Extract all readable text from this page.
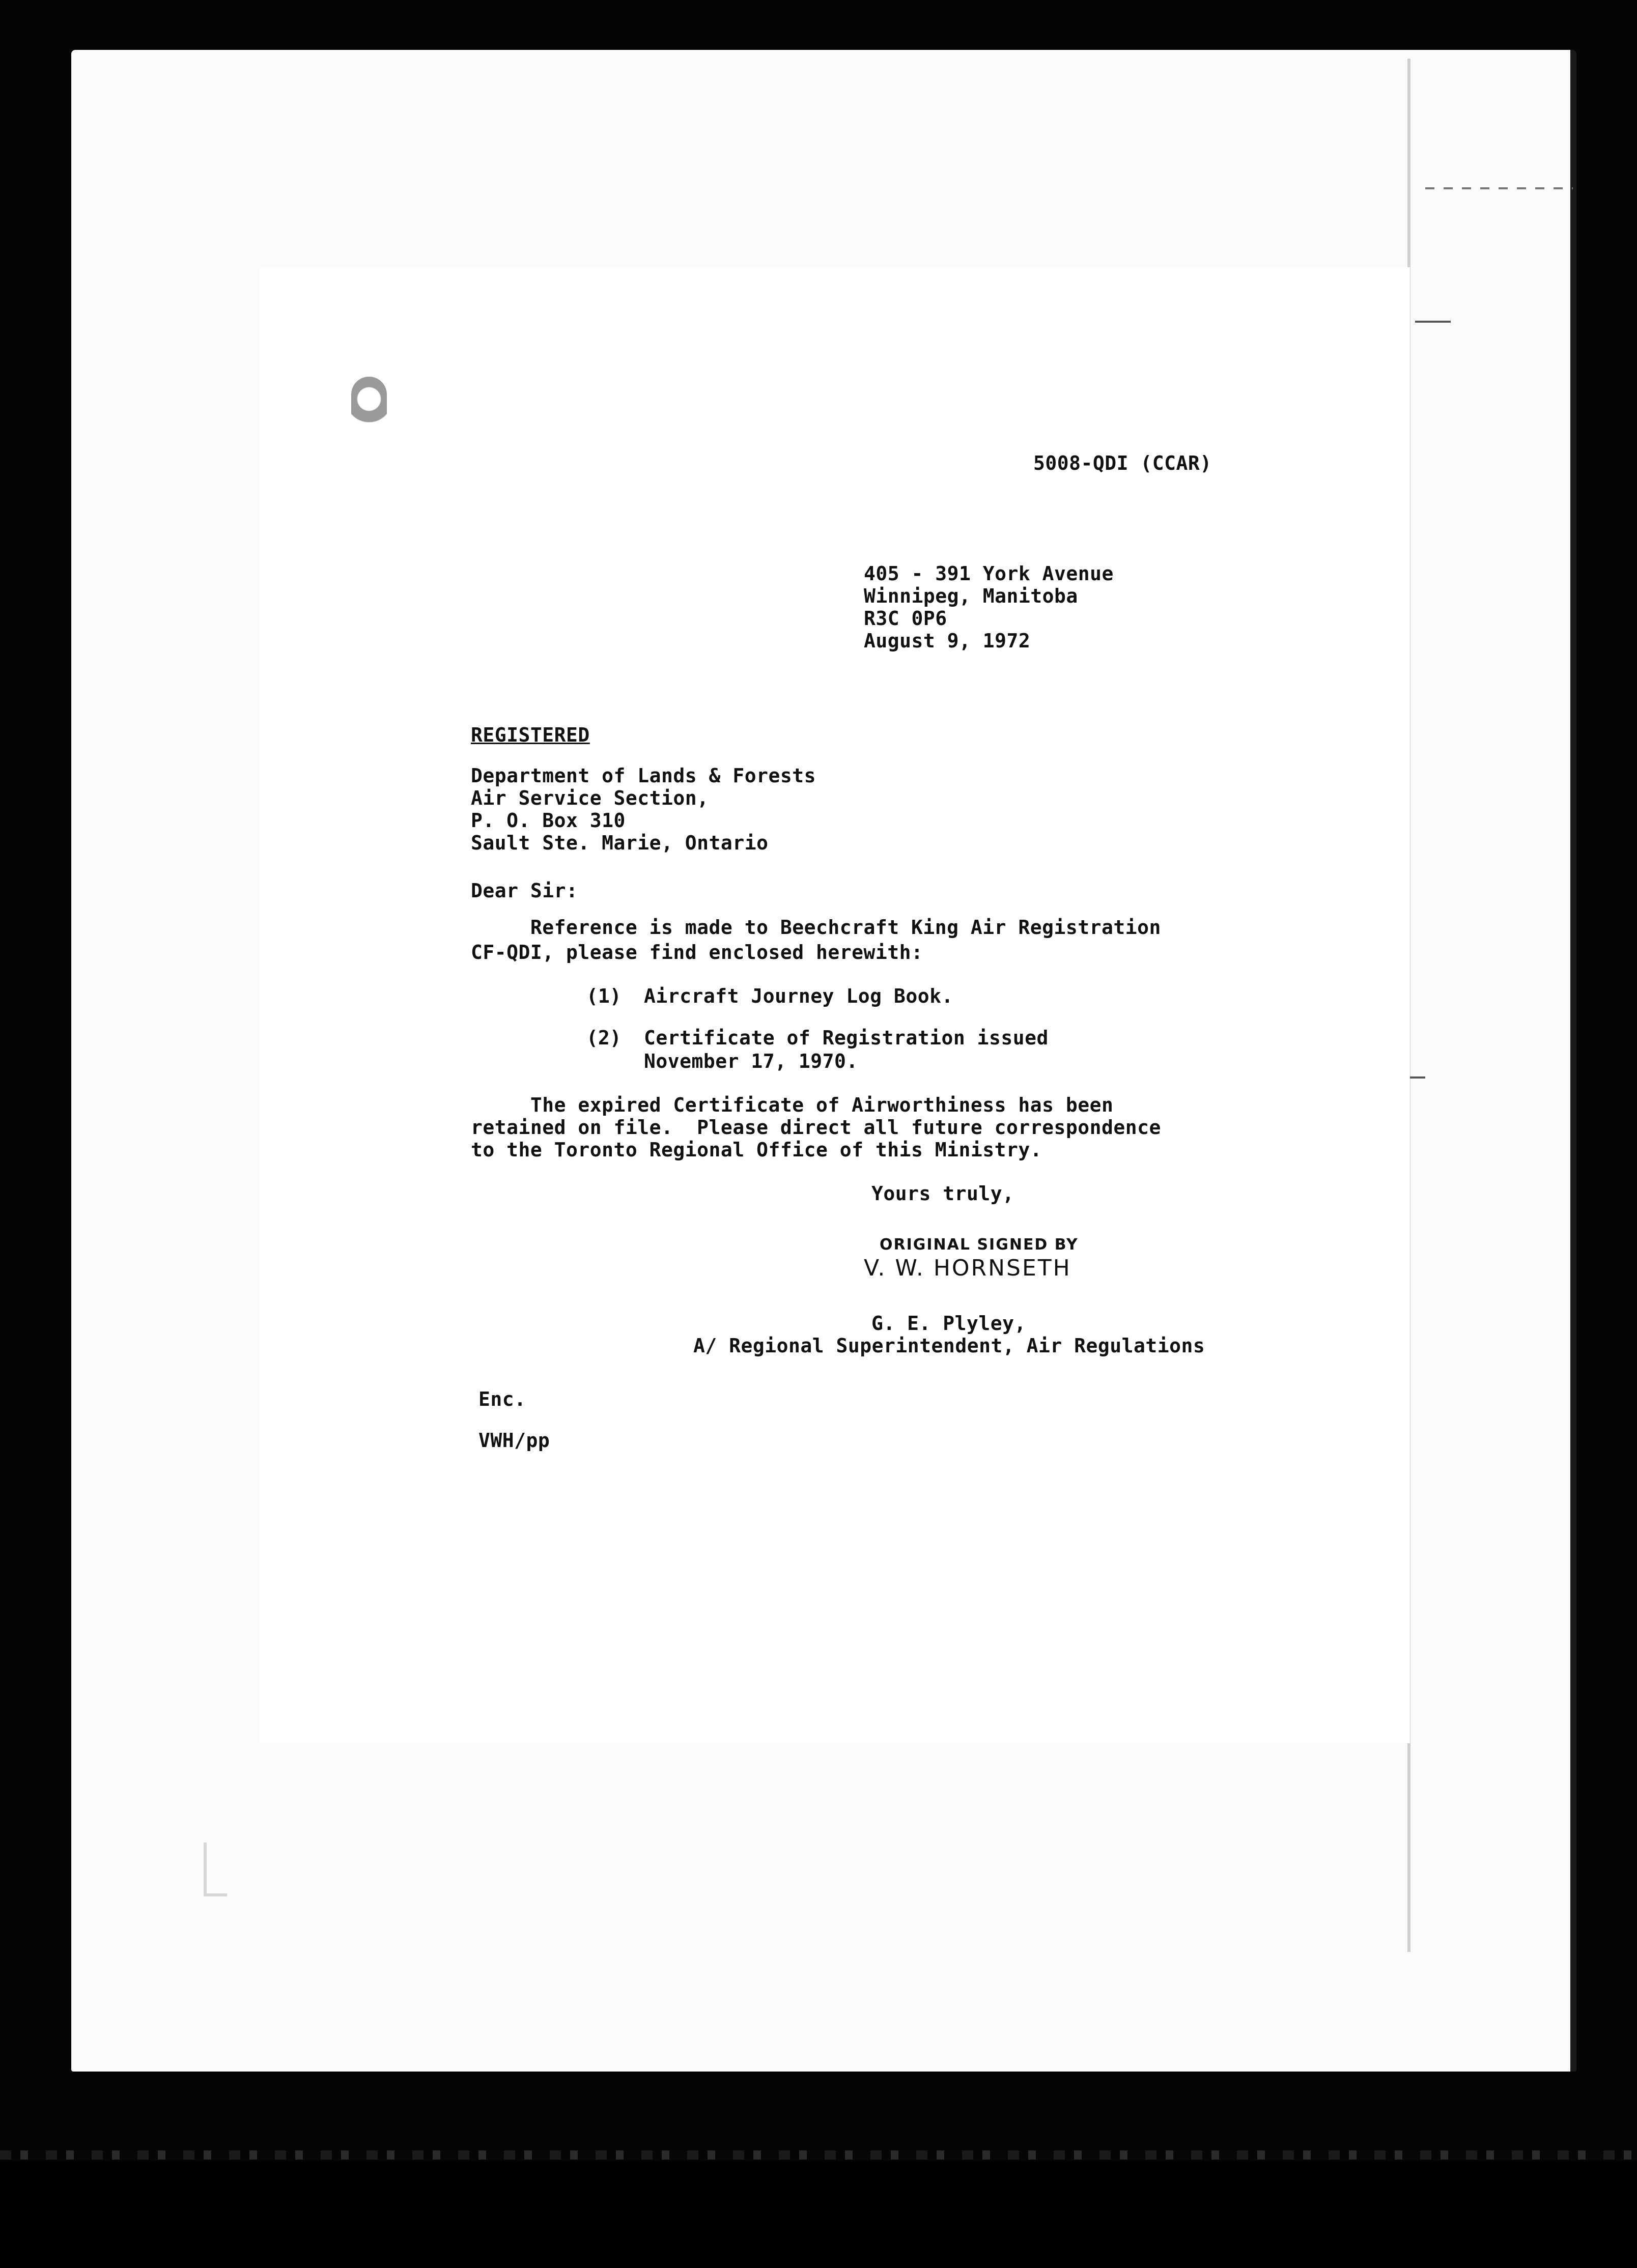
5008-QDI (CCAR)
405 - 391 York Avenue
Winnipeg, Manitoba
R3C 0P6
August 9, 1972
REGISTERED
Department of Lands & Forests
Air Service Section,
P. O. Box 310
Sault Ste. Marie, Ontario
Dear Sir:
Reference is made to Beechcraft King Air Registration
CF-QDI, please find enclosed herewith:
(1) Aircraft Journey Log Book.
(2) Certificate of Registration issued
November 17, 1970.
The expired Certificate of Airworthiness has been
retained on file.  Please direct all future correspondence
to the Toronto Regional Office of this Ministry.
Yours truly,
ORIGINAL SIGNED BY
V. W. HORNSETH
G. E. Plyley,
A/ Regional Superintendent, Air Regulations
Enc.
VWH/pp
